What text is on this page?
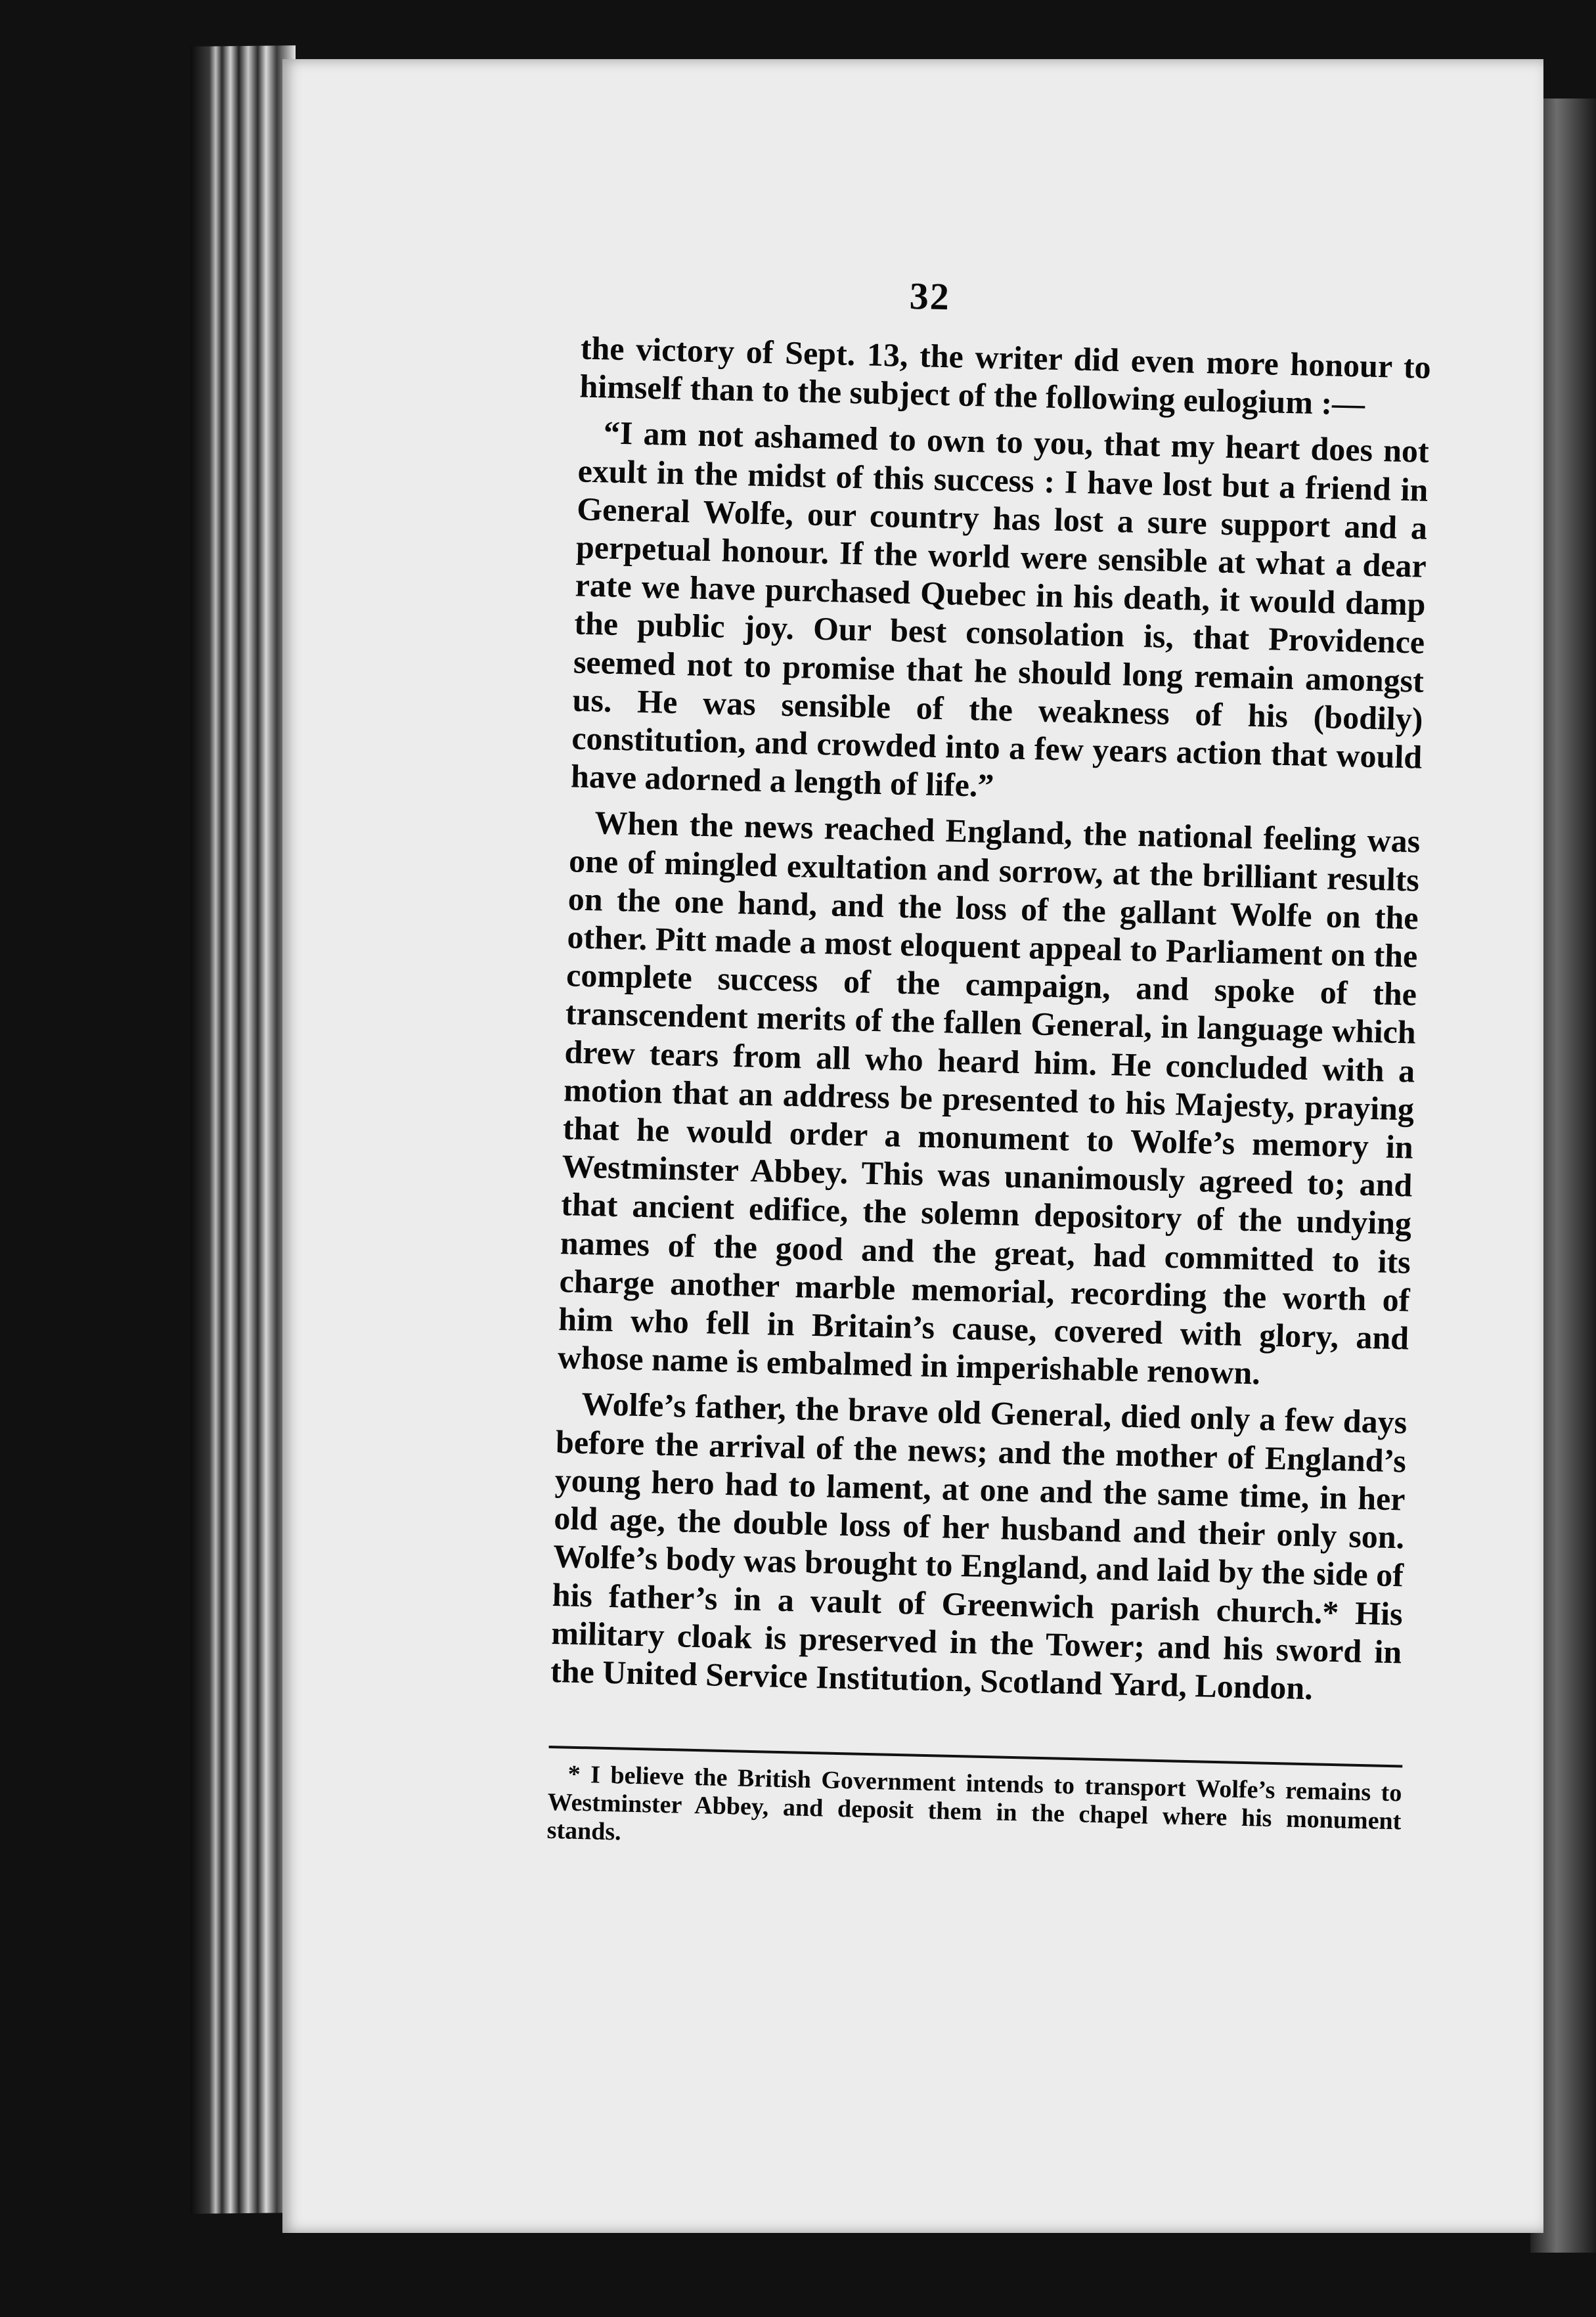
32

the victory of Sept. 13, the writer did even more honour to himself than to the subject of the following eulogium :—

“I am not ashamed to own to you, that my heart does not exult in the midst of this success : I have lost but a friend in General Wolfe, our country has lost a sure support and a perpetual honour. If the world were sensible at what a dear rate we have purchased Quebec in his death, it would damp the public joy. Our best consolation is, that Providence seemed not to promise that he should long remain amongst us. He was sensible of the weakness of his (bodily) constitution, and crowded into a few years action that would have adorned a length of life.”

When the news reached England, the national feeling was one of mingled exultation and sorrow, at the brilliant results on the one hand, and the loss of the gallant Wolfe on the other. Pitt made a most eloquent appeal to Parliament on the complete success of the campaign, and spoke of the transcendent merits of the fallen General, in language which drew tears from all who heard him. He concluded with a motion that an address be presented to his Majesty, praying that he would order a monument to Wolfe’s memory in Westminster Abbey. This was unanimously agreed to; and that ancient edifice, the solemn depository of the undying names of the good and the great, had committed to its charge another marble memorial, recording the worth of him who fell in Britain’s cause, covered with glory, and whose name is embalmed in imperishable renown.

Wolfe’s father, the brave old General, died only a few days before the arrival of the news; and the mother of England’s young hero had to lament, at one and the same time, in her old age, the double loss of her husband and their only son. Wolfe’s body was brought to England, and laid by the side of his father’s in a vault of Greenwich parish church.* His military cloak is preserved in the Tower; and his sword in the United Service Institution, Scotland Yard, London.

* I believe the British Government intends to transport Wolfe’s remains to Westminster Abbey, and deposit them in the chapel where his monument stands.
